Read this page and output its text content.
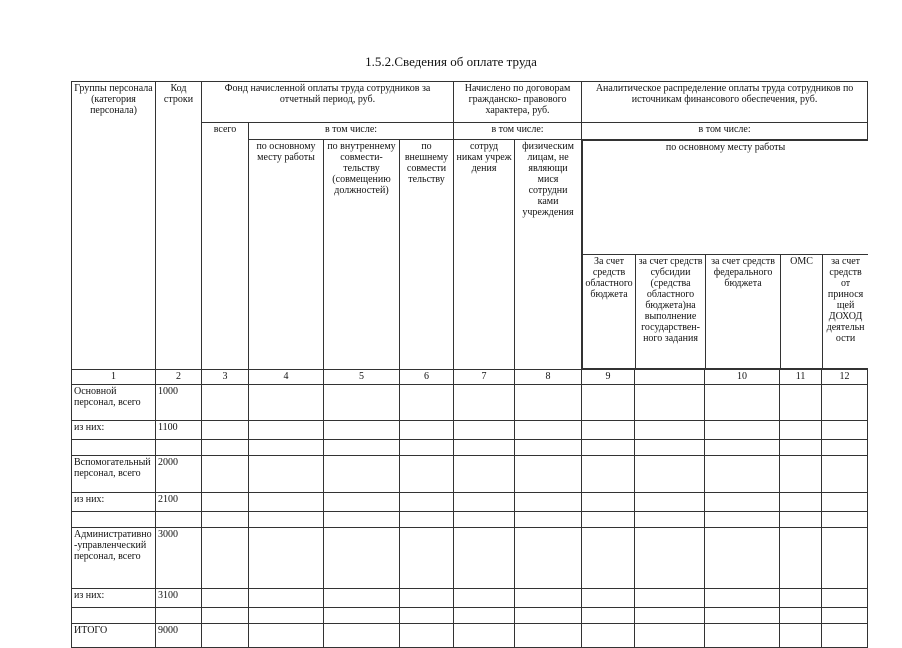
1.5.2.Сведения об оплате труда
Группы персонала (категория персонала)	Код строки	Фонд начисленной оплаты труда сотрудников за отчетный период, руб.	Начислено по договорам гражданско- правового характера, руб.	Аналитическое распределение оплаты труда сотрудников по источникам финансового обеспечения, руб.
всего	в том числе:	в том числе:	в том числе:
по основному месту работы	по внутреннему совмести-тельству (совмещению должностей)	по внешнему совмести тельству	сотруд никам учреж дения	физическим лицам, не являющи мися сотрудни ками учреждения	
по основному месту работы
За счет средств областного бюджета	за счет средств субсидии (средства областного бюджета)на выполнение государствен-ного задания	за счет средств федерального бюджета	ОМС	за счет средств от принося щей ДОХОД деятельн ости

1	2	3	4	5	6	7	8	9		10	11	12
Основной персонал, всего	1000											
из них:	1100											

Вспомогательный персонал, всего	2000											
из них:	2100											

Административно-управленческий персонал, всего	3000											
из них:	3100											

ИТОГО	9000											
